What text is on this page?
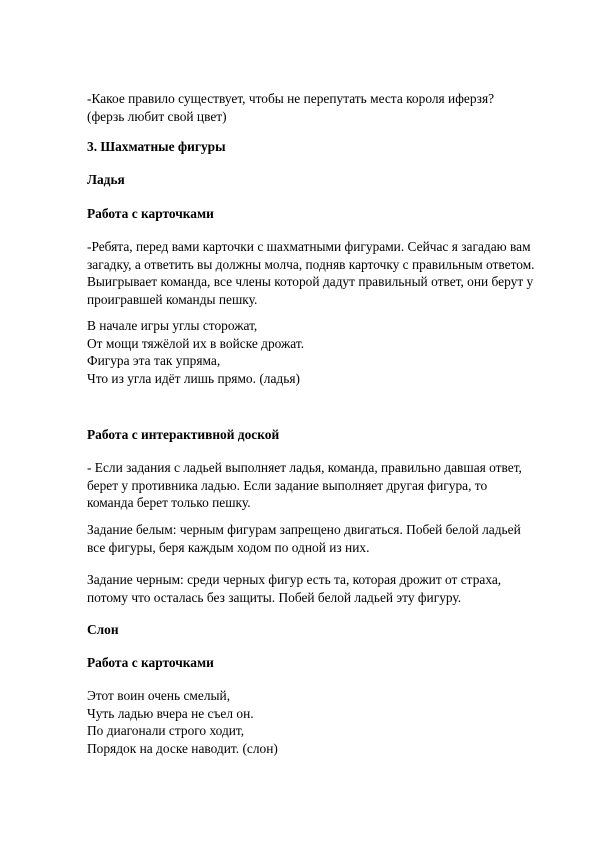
-Какое правило существует, чтобы не перепутать места короля иферзя?
(ферзь любит свой цвет)

3. Шахматные фигуры

Ладья

Работа с карточками

-Ребята, перед вами карточки с шахматными фигурами. Сейчас я загадаю вам
загадку, а ответить вы должны молча, подняв карточку с правильным ответом.
Выигрывает команда, все члены которой дадут правильный ответ, они берут у
проигравшей команды пешку.

В начале игры углы сторожат,
От мощи тяжёлой их в войске дрожат.
Фигура эта так упряма,
Что из угла идёт лишь прямо. (ладья)

Работа с интерактивной доской

- Если задания с ладьей выполняет ладья, команда, правильно давшая ответ,
берет у противника ладью. Если задание выполняет другая фигура, то
команда берет только пешку.

Задание белым: черным фигурам запрещено двигаться. Побей белой ладьей
все фигуры, беря каждым ходом по одной из них.

Задание черным: среди черных фигур есть та, которая дрожит от страха,
потому что осталась без защиты. Побей белой ладьей эту фигуру.

Слон

Работа с карточками

Этот воин очень смелый,
Чуть ладью вчера не съел он.
По диагонали строго ходит,
Порядок на доске наводит. (слон)
